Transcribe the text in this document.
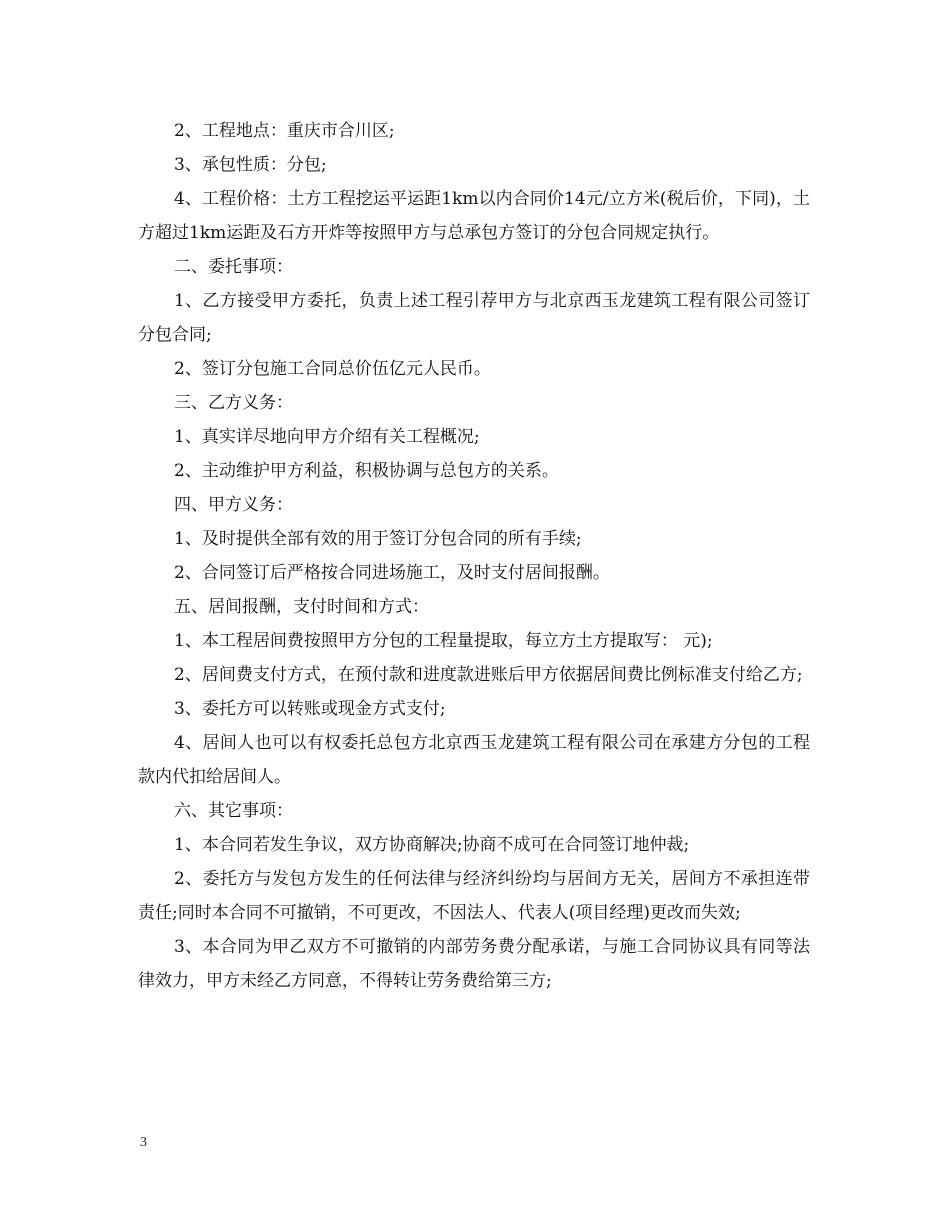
2、工程地点：重庆市合川区;

3、承包性质：分包;

4、工程价格：土方工程挖运平运距1km以内合同价14元/立方米(税后价，下同)，土方超过1km运距及石方开炸等按照甲方与总承包方签订的分包合同规定执行。

二、委托事项：

1、乙方接受甲方委托，负责上述工程引荐甲方与北京西玉龙建筑工程有限公司签订分包合同;

2、签订分包施工合同总价伍亿元人民币。

三、乙方义务：

1、真实详尽地向甲方介绍有关工程概况;

2、主动维护甲方利益，积极协调与总包方的关系。

四、甲方义务：

1、及时提供全部有效的用于签订分包合同的所有手续;

2、合同签订后严格按合同进场施工，及时支付居间报酬。

五、居间报酬，支付时间和方式：

1、本工程居间费按照甲方分包的工程量提取，每立方土方提取写： 元);

2、居间费支付方式，在预付款和进度款进账后甲方依据居间费比例标准支付给乙方;

3、委托方可以转账或现金方式支付;

4、居间人也可以有权委托总包方北京西玉龙建筑工程有限公司在承建方分包的工程款内代扣给居间人。

六、其它事项：

1、本合同若发生争议，双方协商解决;协商不成可在合同签订地仲裁;

2、委托方与发包方发生的任何法律与经济纠纷均与居间方无关，居间方不承担连带责任;同时本合同不可撤销，不可更改，不因法人、代表人(项目经理)更改而失效;

3、本合同为甲乙双方不可撤销的内部劳务费分配承诺，与施工合同协议具有同等法律效力，甲方未经乙方同意，不得转让劳务费给第三方;

3
